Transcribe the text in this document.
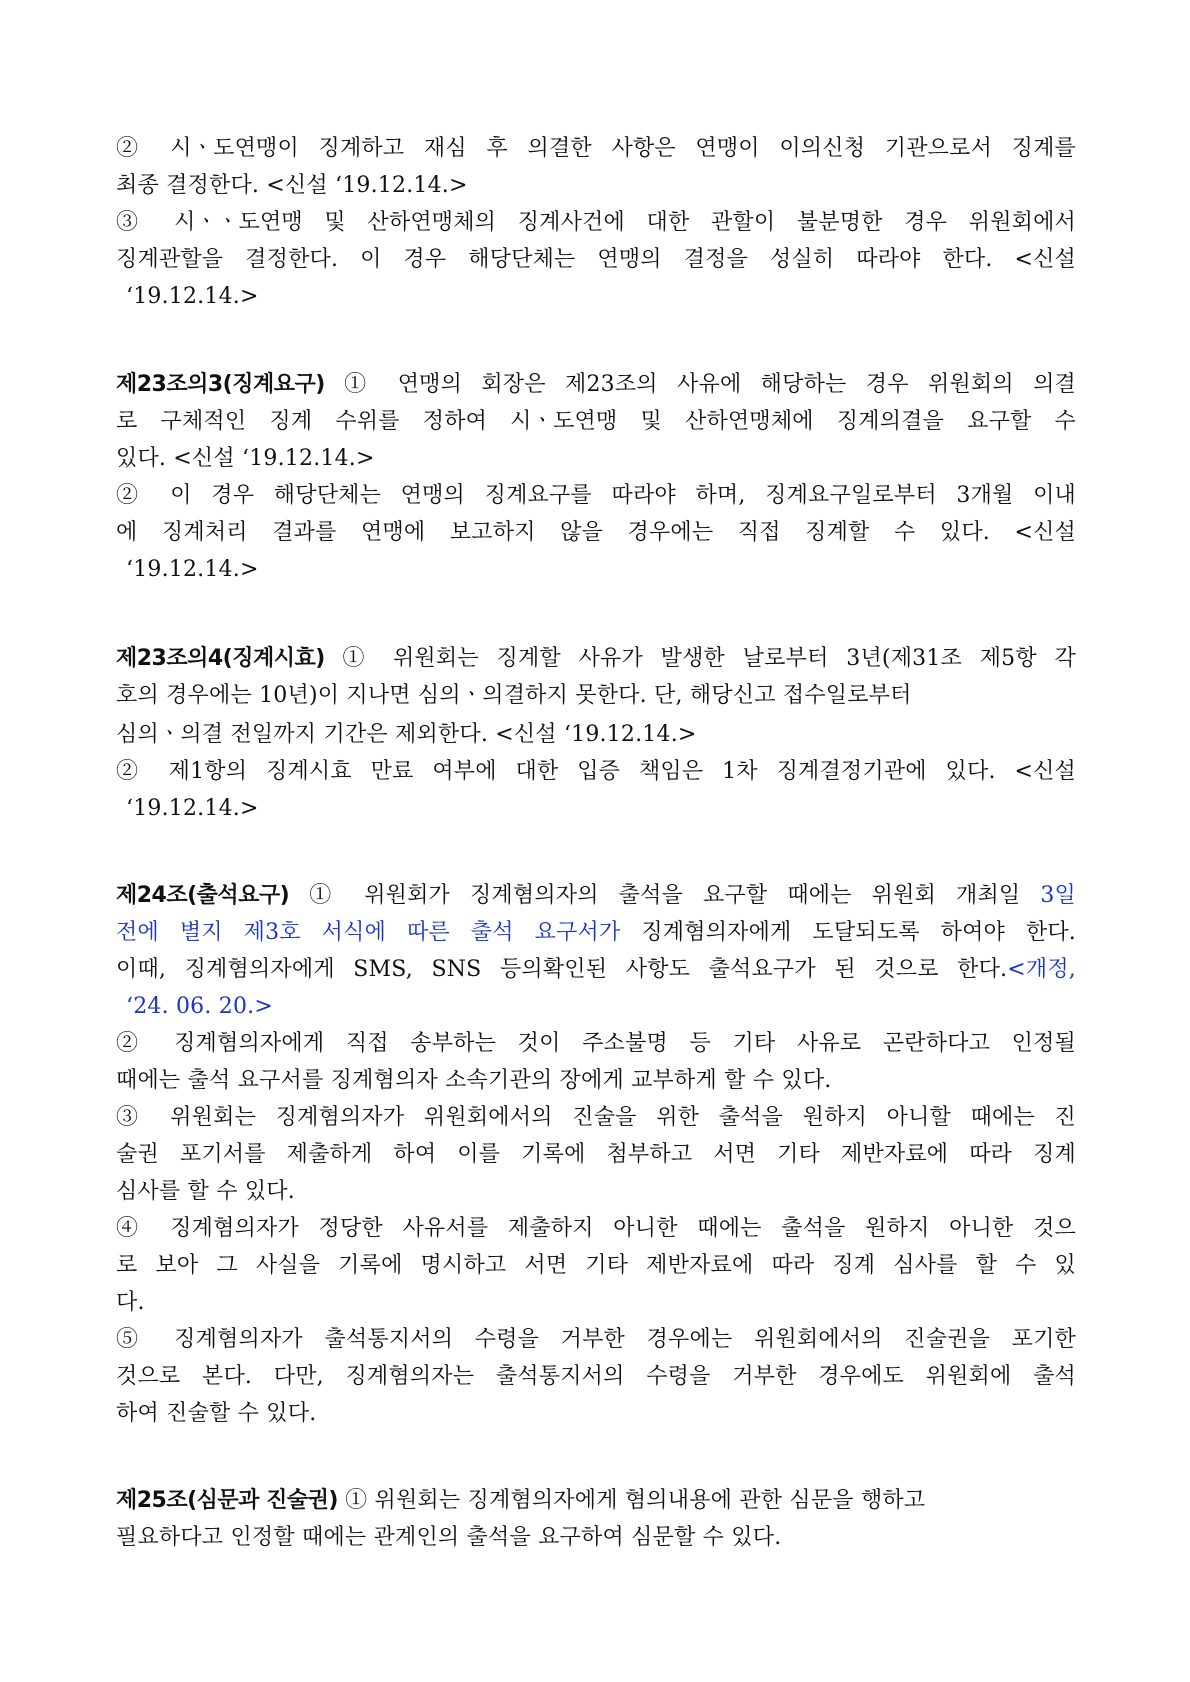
② 시ㆍ도연맹이 징계하고 재심 후 의결한 사항은 연맹이 이의신청 기관으로서 징계를
최종 결정한다. <신설 ‘19.12.14.>
③ 시ㆍㆍ도연맹 및 산하연맹체의 징계사건에 대한 관할이 불분명한 경우 위원회에서
징계관할을 결정한다. 이 경우 해당단체는 연맹의 결정을 성실히 따라야 한다. <신설
‘19.12.14.>
제23조의3(징계요구) ① 연맹의 회장은 제23조의 사유에 해당하는 경우 위원회의 의결
로 구체적인 징계 수위를 정하여 시ㆍ도연맹 및 산하연맹체에 징계의결을 요구할 수
있다. <신설 ‘19.12.14.>
② 이 경우 해당단체는 연맹의 징계요구를 따라야 하며, 징계요구일로부터 3개월 이내
에 징계처리 결과를 연맹에 보고하지 않을 경우에는 직접 징계할 수 있다. <신설
‘19.12.14.>
제23조의4(징계시효) ① 위원회는 징계할 사유가 발생한 날로부터 3년(제31조 제5항 각
호의 경우에는 10년)이 지나면 심의ㆍ의결하지 못한다. 단, 해당신고 접수일로부터
심의ㆍ의결 전일까지 기간은 제외한다. <신설 ‘19.12.14.>
② 제1항의 징계시효 만료 여부에 대한 입증 책임은 1차 징계결정기관에 있다. <신설
‘19.12.14.>
제24조(출석요구) ① 위원회가 징계혐의자의 출석을 요구할 때에는 위원회 개최일 3일
전에 별지 제3호 서식에 따른 출석 요구서가 징계혐의자에게 도달되도록 하여야 한다.
이때, 징계혐의자에게 SMS, SNS 등의확인된 사항도 출석요구가 된 것으로 한다.<개정,
‘24. 06. 20.>
② 징계혐의자에게 직접 송부하는 것이 주소불명 등 기타 사유로 곤란하다고 인정될
때에는 출석 요구서를 징계혐의자 소속기관의 장에게 교부하게 할 수 있다.
③ 위원회는 징계혐의자가 위원회에서의 진술을 위한 출석을 원하지 아니할 때에는 진
술권 포기서를 제출하게 하여 이를 기록에 첨부하고 서면 기타 제반자료에 따라 징계
심사를 할 수 있다.
④ 징계혐의자가 정당한 사유서를 제출하지 아니한 때에는 출석을 원하지 아니한 것으
로 보아 그 사실을 기록에 명시하고 서면 기타 제반자료에 따라 징계 심사를 할 수 있
다.
⑤ 징계혐의자가 출석통지서의 수령을 거부한 경우에는 위원회에서의 진술권을 포기한
것으로 본다. 다만, 징계혐의자는 출석통지서의 수령을 거부한 경우에도 위원회에 출석
하여 진술할 수 있다.
제25조(심문과 진술권) ① 위원회는 징계혐의자에게 혐의내용에 관한 심문을 행하고
필요하다고 인정할 때에는 관계인의 출석을 요구하여 심문할 수 있다.
